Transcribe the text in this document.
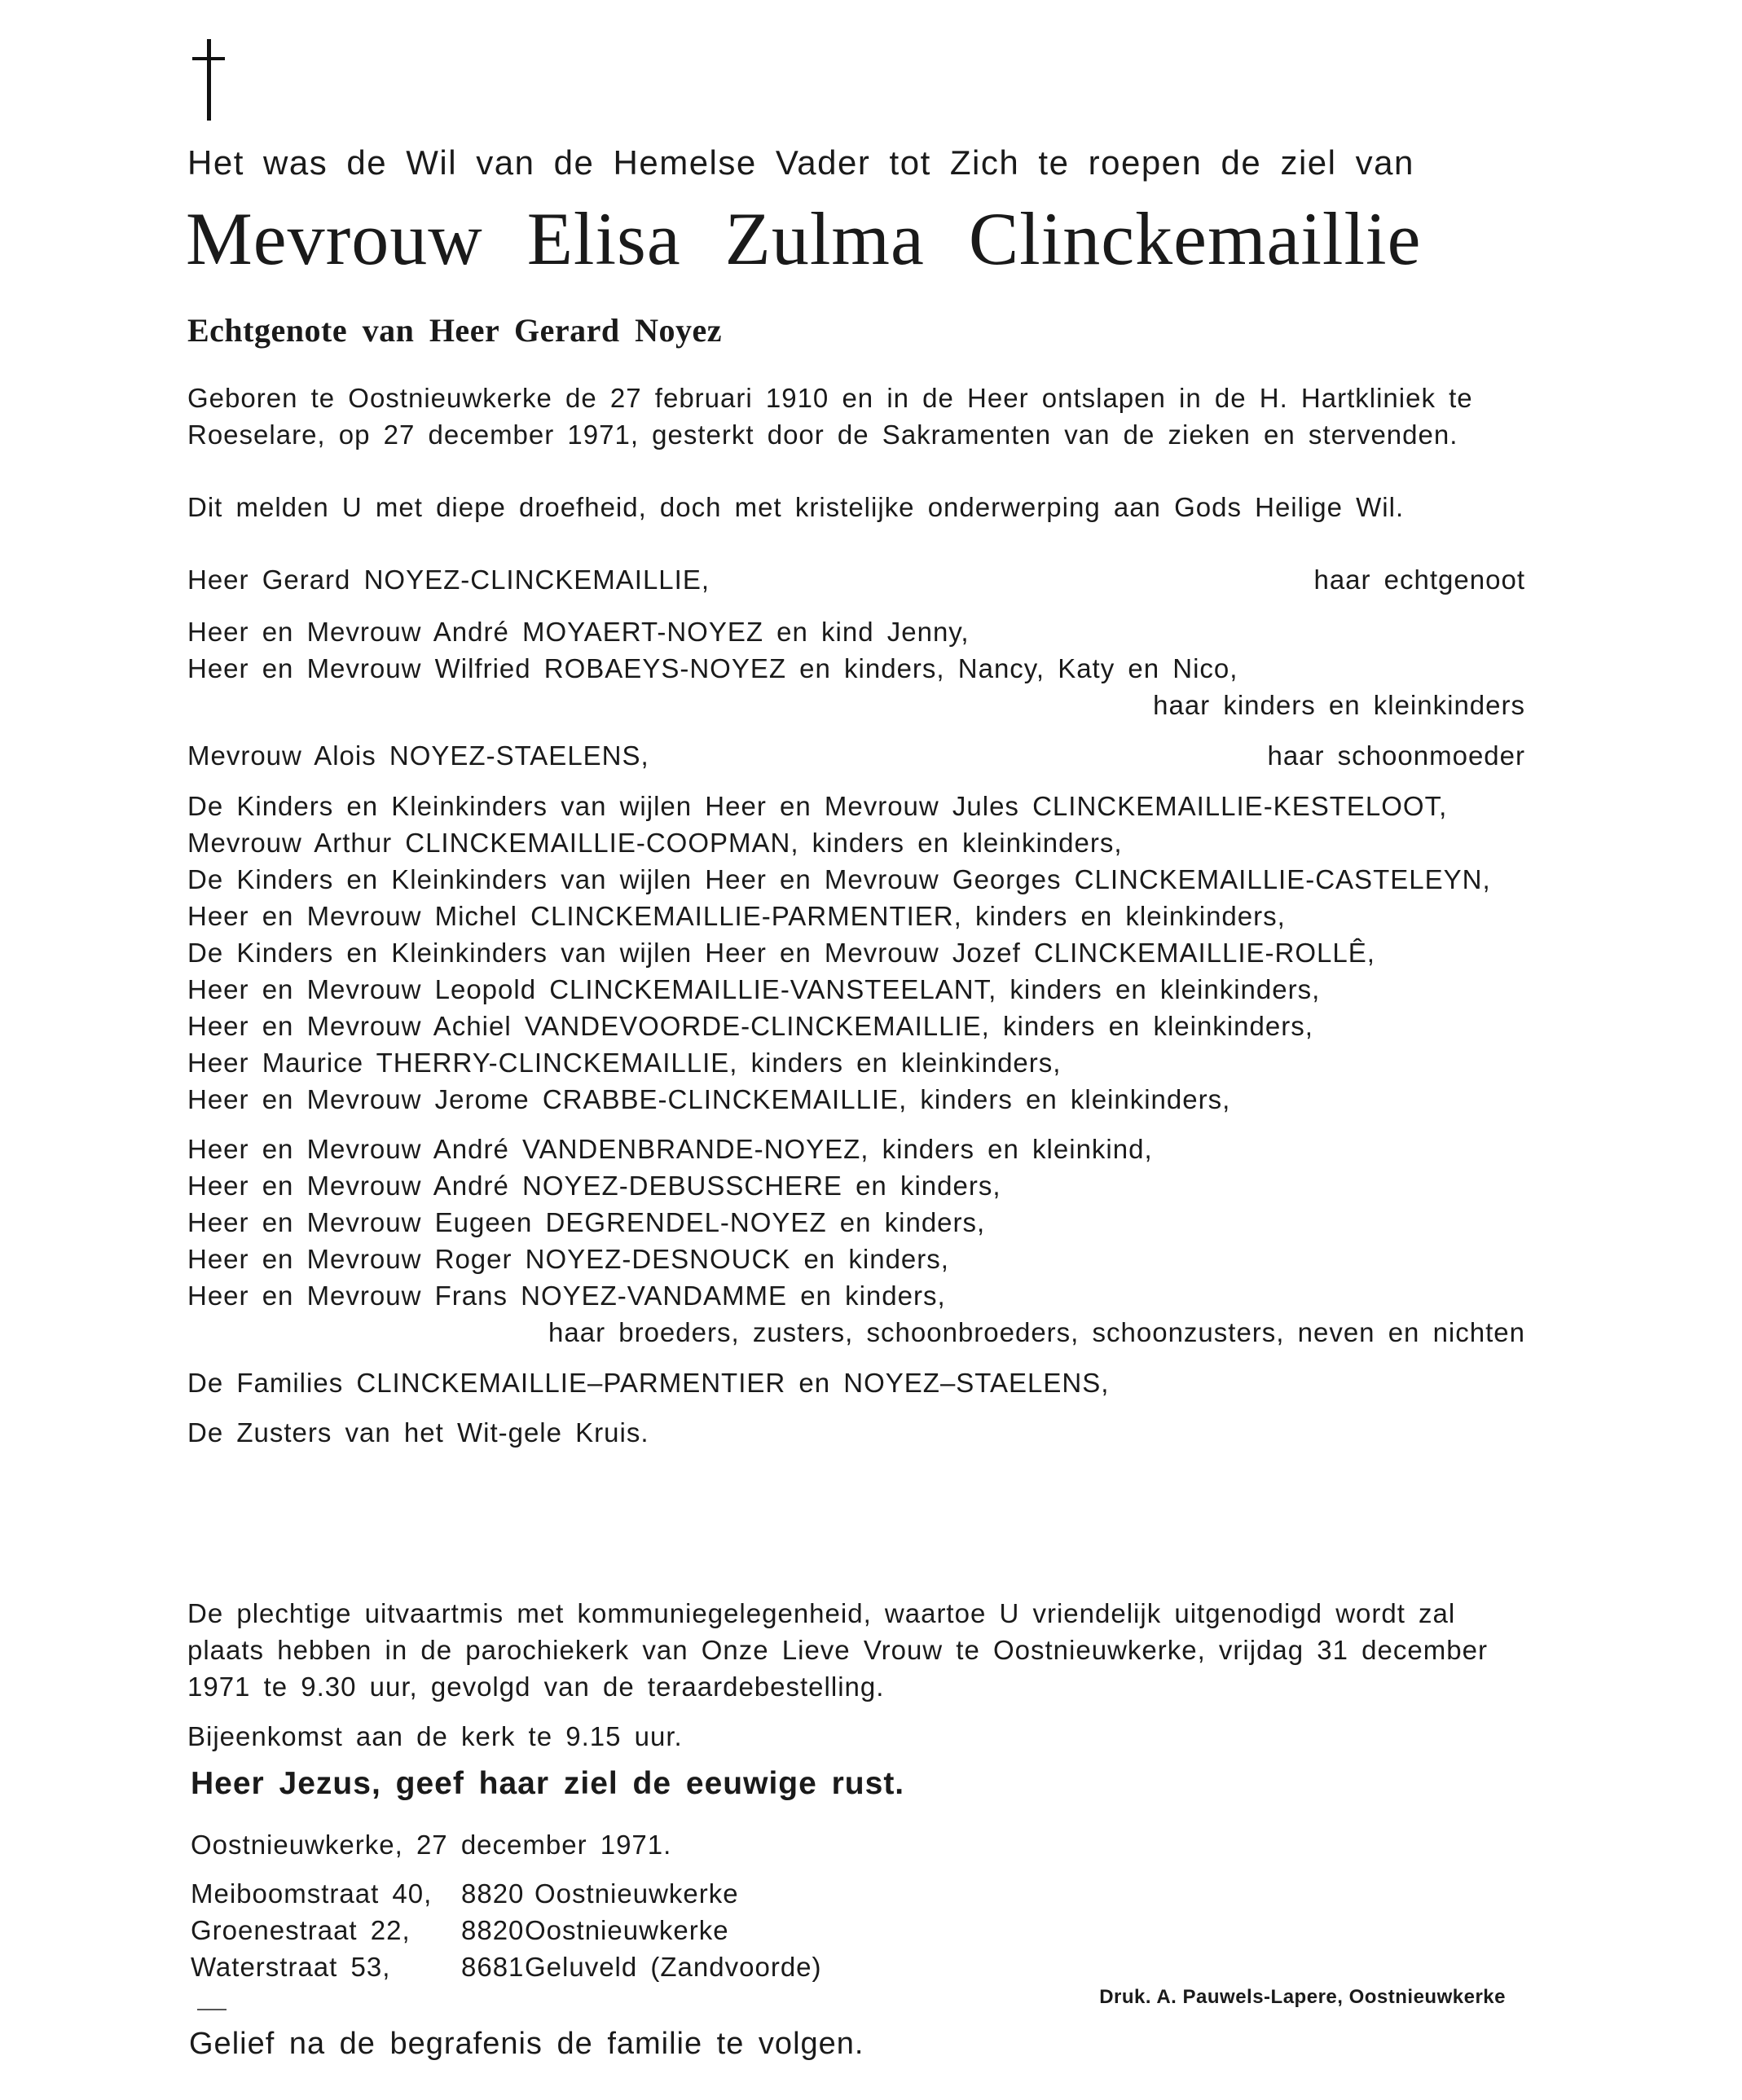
Het was de Wil van de Hemelse Vader tot Zich te roepen de ziel van
Mevrouw Elisa Zulma Clinckemaillie
Echtgenote van Heer Gerard Noyez
Geboren te Oostnieuwkerke de 27 februari 1910 en in de Heer ontslapen in de H. Hartkliniek te
Roeselare, op 27 december 1971, gesterkt door de Sakramenten van de zieken en stervenden.
Dit melden U met diepe droefheid, doch met kristelijke onderwerping aan Gods Heilige Wil.
Heer Gerard NOYEZ-CLINCKEMAILLIE,	haar echtgenoot
Heer en Mevrouw André MOYAERT-NOYEZ en kind Jenny,
Heer en Mevrouw Wilfried ROBAEYS-NOYEZ en kinders, Nancy, Katy en Nico,
haar kinders en kleinkinders
Mevrouw Alois NOYEZ-STAELENS,	haar schoonmoeder
De Kinders en Kleinkinders van wijlen Heer en Mevrouw Jules CLINCKEMAILLIE-KESTELOOT,
Mevrouw Arthur CLINCKEMAILLIE-COOPMAN, kinders en kleinkinders,
De Kinders en Kleinkinders van wijlen Heer en Mevrouw Georges CLINCKEMAILLIE-CASTELEYN,
Heer en Mevrouw Michel CLINCKEMAILLIE-PARMENTIER, kinders en kleinkinders,
De Kinders en Kleinkinders van wijlen Heer en Mevrouw Jozef CLINCKEMAILLIE-ROLLÊ,
Heer en Mevrouw Leopold CLINCKEMAILLIE-VANSTEELANT, kinders en kleinkinders,
Heer en Mevrouw Achiel VANDEVOORDE-CLINCKEMAILLIE, kinders en kleinkinders,
Heer Maurice THERRY-CLINCKEMAILLIE, kinders en kleinkinders,
Heer en Mevrouw Jerome CRABBE-CLINCKEMAILLIE, kinders en kleinkinders,
Heer en Mevrouw André VANDENBRANDE-NOYEZ, kinders en kleinkind,
Heer en Mevrouw André NOYEZ-DEBUSSCHERE en kinders,
Heer en Mevrouw Eugeen DEGRENDEL-NOYEZ en kinders,
Heer en Mevrouw Roger NOYEZ-DESNOUCK en kinders,
Heer en Mevrouw Frans NOYEZ-VANDAMME en kinders,
haar broeders, zusters, schoonbroeders, schoonzusters, neven en nichten
De Families CLINCKEMAILLIE–PARMENTIER en NOYEZ–STAELENS,
De Zusters van het Wit-gele Kruis.
De plechtige uitvaartmis met kommuniegelegenheid, waartoe U vriendelijk uitgenodigd wordt zal
plaats hebben in de parochiekerk van Onze Lieve Vrouw te Oostnieuwkerke, vrijdag 31 december
1971 te 9.30 uur, gevolgd van de teraardebestelling.
Bijeenkomst aan de kerk te 9.15 uur.
Heer Jezus, geef haar ziel de eeuwige rust.
Oostnieuwkerke, 27 december 1971.
Meiboomstraat 40, 8820 Oostnieuwkerke
Groenestraat 22, 8820 Oostnieuwkerke
Waterstraat 53,	8681 Geluveld (Zandvoorde)
Druk. A. Pauwels-Lapere, Oostnieuwkerke
Gelief na de begrafenis de familie te volgen.
